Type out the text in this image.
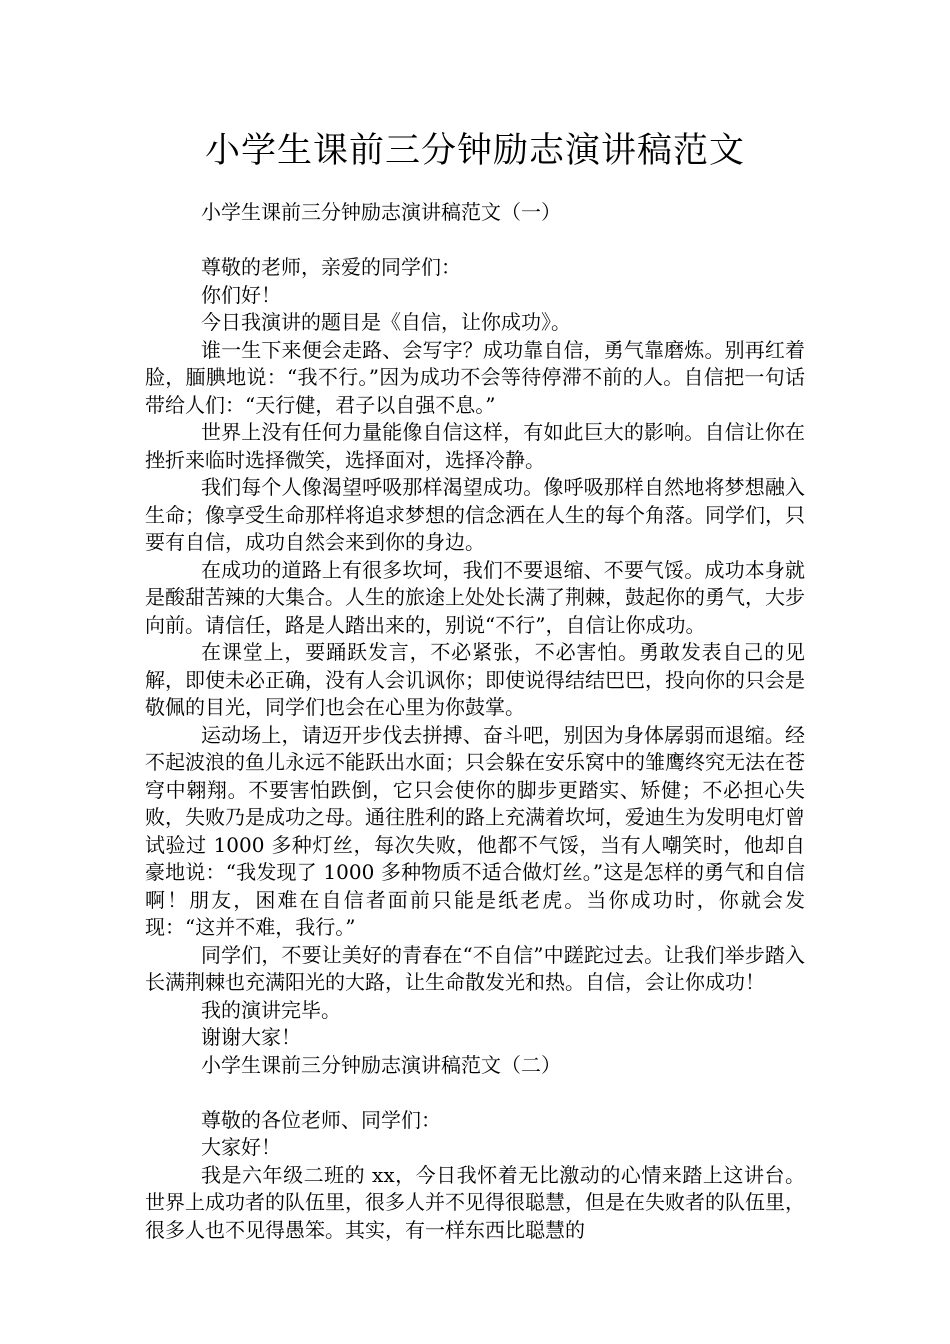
小学生课前三分钟励志演讲稿范文

小学生课前三分钟励志演讲稿范文（一）

尊敬的老师，亲爱的同学们：

你们好！

今日我演讲的题目是《自信，让你成功》。

谁一生下来便会走路、会写字？成功靠自信，勇气靠磨炼。别再红着脸，腼腆地说：“我不行。”因为成功不会等待停滞不前的人。自信把一句话带给人们：“天行健，君子以自强不息。”

世界上没有任何力量能像自信这样，有如此巨大的影响。自信让你在挫折来临时选择微笑，选择面对，选择冷静。

我们每个人像渴望呼吸那样渴望成功。像呼吸那样自然地将梦想融入生命；像享受生命那样将追求梦想的信念洒在人生的每个角落。同学们，只要有自信，成功自然会来到你的身边。

在成功的道路上有很多坎坷，我们不要退缩、不要气馁。成功本身就是酸甜苦辣的大集合。人生的旅途上处处长满了荆棘，鼓起你的勇气，大步向前。请信任，路是人踏出来的，别说“不行”，自信让你成功。

在课堂上，要踊跃发言，不必紧张，不必害怕。勇敢发表自己的见解，即使未必正确，没有人会讥讽你；即使说得结结巴巴，投向你的只会是敬佩的目光，同学们也会在心里为你鼓掌。

运动场上，请迈开步伐去拼搏、奋斗吧，别因为身体孱弱而退缩。经不起波浪的鱼儿永远不能跃出水面；只会躲在安乐窝中的雏鹰终究无法在苍穹中翱翔。不要害怕跌倒，它只会使你的脚步更踏实、矫健；不必担心失败，失败乃是成功之母。通往胜利的路上充满着坎坷，爱迪生为发明电灯曾试验过 1000 多种灯丝，每次失败，他都不气馁，当有人嘲笑时，他却自豪地说：“我发现了 1000 多种物质不适合做灯丝。”这是怎样的勇气和自信啊！朋友，困难在自信者面前只能是纸老虎。当你成功时，你就会发现：“这并不难，我行。”

同学们，不要让美好的青春在“不自信”中蹉跎过去。让我们举步踏入长满荆棘也充满阳光的大路，让生命散发光和热。自信，会让你成功！

我的演讲完毕。

谢谢大家！

小学生课前三分钟励志演讲稿范文（二）

尊敬的各位老师、同学们：

大家好！

我是六年级二班的 xx，今日我怀着无比激动的心情来踏上这讲台。世界上成功者的队伍里，很多人并不见得很聪慧，但是在失败者的队伍里，很多人也不见得愚笨。其实，有一样东西比聪慧的
